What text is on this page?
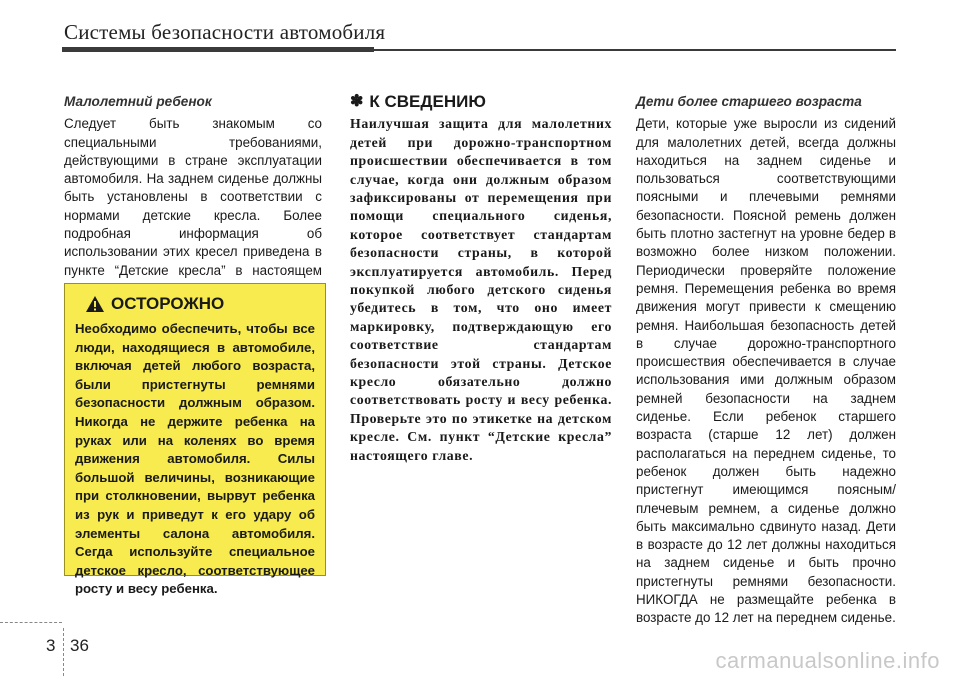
Системы безопасности автомобиля
Малолетний ребенок

Следует быть знакомым со специальными требованиями, действующими в стране эксплуатации автомобиля. На заднем сиденье должны быть установлены в соответствии с нормами детские кресла. Более подробная информация об использовании этих кресел приведена в пункте “Детские кресла” в настоящем

ОСТОРОЖНО

Необходимо обеспечить, чтобы все люди, находящиеся в автомобиле, включая детей любого возраста, были пристегнуты ремнями безопасности должным образом. Никогда не держите ребенка на руках или на коленях во время движения автомобиля. Силы большой величины, возникающие при столкновении, вырвут ребенка из рук и приведут к его удару об элементы салона автомобиля. Сегда используйте специальное детское кресло, соответствующее росту и весу ребенка.

✽ К СВЕДЕНИЮ

Наилучшая защита для малолетних детей при дорожно-транспортном происшествии обеспечивается в том случае, когда они должным образом зафиксированы от перемещения при помощи специального сиденья, которое соответствует стандартам безопасности страны, в которой эксплуатируется автомобиль. Перед покупкой любого детского сиденья убедитесь в том, что оно имеет маркировку, подтверждающую его соответствие стандартам безопасности этой страны. Детское кресло обязательно должно соответствовать росту и весу ребенка. Проверьте это по этикетке на детском кресле. См. пункт “Детские кресла” настоящего главе.

Дети более старшего возраста

Дети, которые уже выросли из сидений для малолетних детей, всегда должны находиться на заднем сиденье и пользоваться соответствующими поясными и плечевыми ремнями безопасности. Поясной ремень должен быть плотно застегнут на уровне бедер в возможно более низком положении. Периодически проверяйте положение ремня. Перемещения ребенка во время движения могут привести к смещению ремня. Наибольшая безопасность детей в случае дорожно-транспортного происшествия обеспечивается в случае использования ими должным образом ремней безопасности на заднем сиденье. Если ребенок старшего возраста (старше 12 лет) должен располагаться на переднем сиденье, то ребенок должен быть надежно пристегнут имеющимся поясным/плечевым ремнем, а сиденье должно быть максимально сдвинуто назад. Дети в возрасте до 12 лет должны находиться на заднем сиденье и быть прочно пристегнуты ремнями безопасности. НИКОГДА не размещайте ребенка в возрасте до 12 лет на переднем сиденье.

3 36
carmanualsonline.info
